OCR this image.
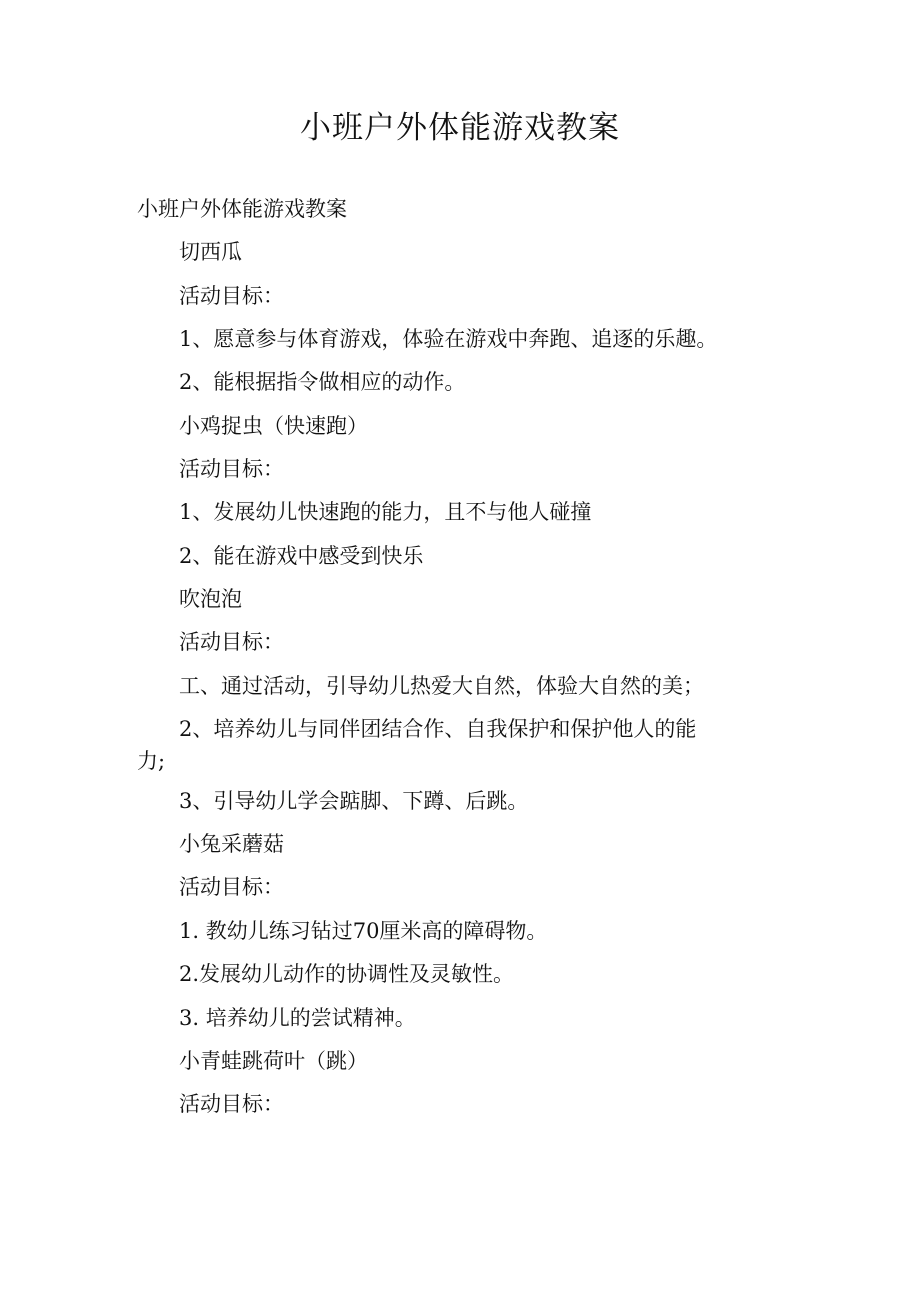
小班户外体能游戏教案
小班户外体能游戏教案
切西瓜
活动目标：
1、愿意参与体育游戏，体验在游戏中奔跑、追逐的乐趣。
2、能根据指令做相应的动作。
小鸡捉虫（快速跑）
活动目标：
1、发展幼儿快速跑的能力，且不与他人碰撞
2、能在游戏中感受到快乐
吹泡泡
活动目标：
工、通过活动，引导幼儿热爱大自然，体验大自然的美；
2、培养幼儿与同伴团结合作、自我保护和保护他人的能力;
3、引导幼儿学会踮脚、下蹲、后跳。
小兔采蘑菇
活动目标：
1. 教幼儿练习钻过70厘米高的障碍物。
2.发展幼儿动作的协调性及灵敏性。
3. 培养幼儿的尝试精神。
小青蛙跳荷叶（跳）
活动目标：
